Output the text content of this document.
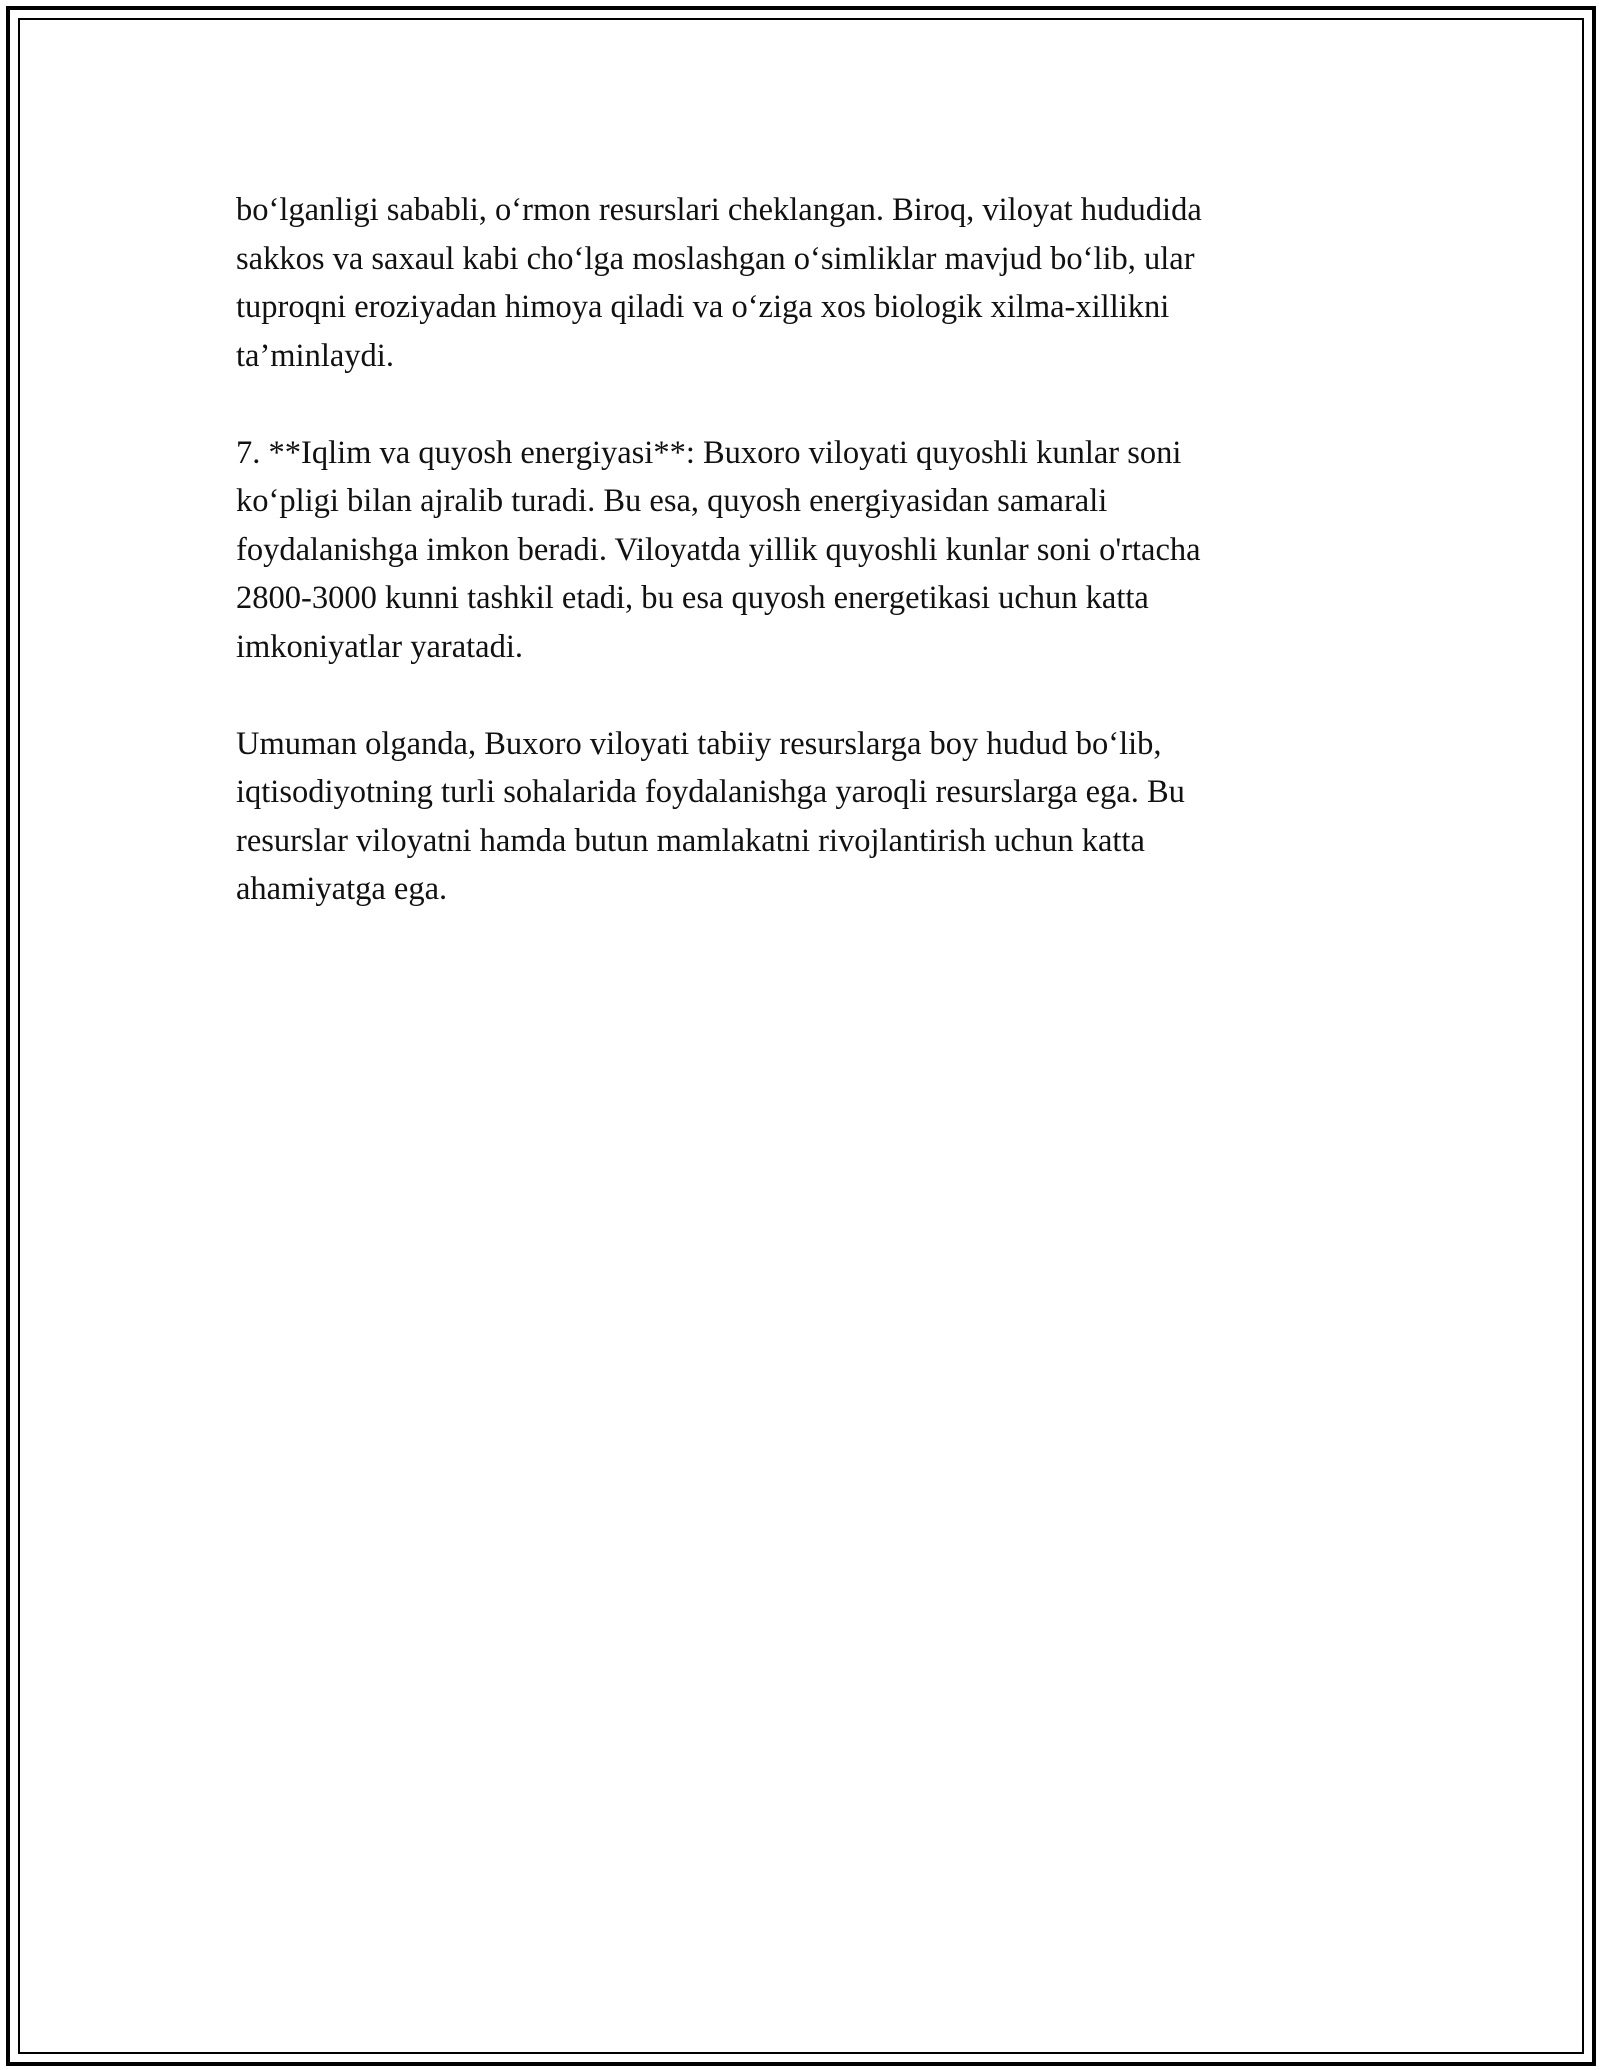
bo‘lganligi sababli, o‘rmon resurslari cheklangan. Biroq, viloyat hududida
sakkos va saxaul kabi cho‘lga moslashgan o‘simliklar mavjud bo‘lib, ular
tuproqni eroziyadan himoya qiladi va o‘ziga xos biologik xilma-xillikni
ta’minlaydi.

7. **Iqlim va quyosh energiyasi**: Buxoro viloyati quyoshli kunlar soni
ko‘pligi bilan ajralib turadi. Bu esa, quyosh energiyasidan samarali
foydalanishga imkon beradi. Viloyatda yillik quyoshli kunlar soni o'rtacha
2800-3000 kunni tashkil etadi, bu esa quyosh energetikasi uchun katta
imkoniyatlar yaratadi.

Umuman olganda, Buxoro viloyati tabiiy resurslarga boy hudud bo‘lib,
iqtisodiyotning turli sohalarida foydalanishga yaroqli resurslarga ega. Bu
resurslar viloyatni hamda butun mamlakatni rivojlantirish uchun katta
ahamiyatga ega.
